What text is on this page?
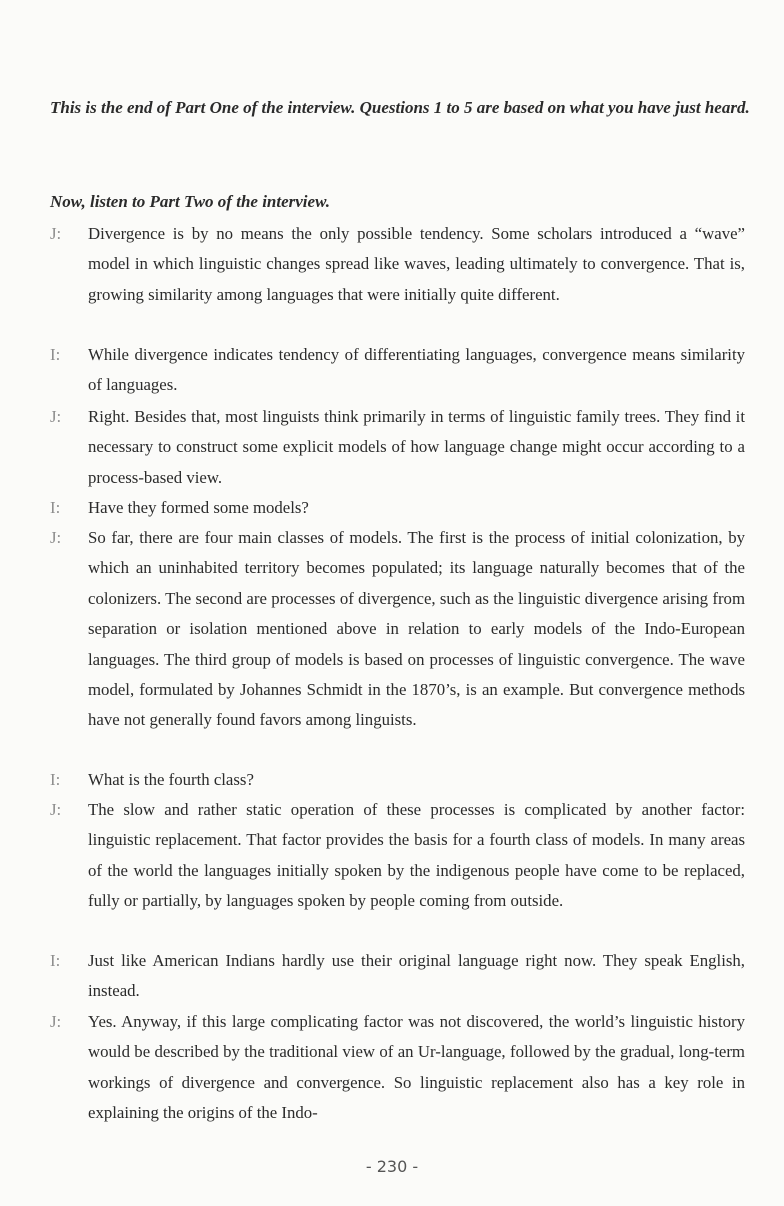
This is the end of Part One of the interview. Questions 1 to 5 are based on what you have just heard.
Now, listen to Part Two of the interview.
J:	Divergence is by no means the only possible tendency. Some scholars introduced a “wave” model in which linguistic changes spread like waves, leading ultimately to convergence. That is, growing similarity among languages that were initially quite different.
I:	While divergence indicates tendency of differentiating languages, convergence means similarity of languages.
J:	Right. Besides that, most linguists think primarily in terms of linguistic family trees. They find it necessary to construct some explicit models of how language change might occur according to a process-based view.
I:	Have they formed some models?
J:	So far, there are four main classes of models. The first is the process of initial colonization, by which an uninhabited territory becomes populated; its language naturally becomes that of the colonizers. The second are processes of divergence, such as the linguistic divergence arising from separation or isolation mentioned above in relation to early models of the Indo-European languages. The third group of models is based on processes of linguistic convergence. The wave model, formulated by Johannes Schmidt in the 1870’s, is an example. But convergence methods have not generally found favors among linguists.
I:	What is the fourth class?
J:	The slow and rather static operation of these processes is complicated by another factor: linguistic replacement. That factor provides the basis for a fourth class of models. In many areas of the world the languages initially spoken by the indigenous people have come to be replaced, fully or partially, by languages spoken by people coming from outside.
I:	Just like American Indians hardly use their original language right now. They speak English, instead.
J:	Yes. Anyway, if this large complicating factor was not discovered, the world’s linguistic history would be described by the traditional view of an Ur-language, followed by the gradual, long-term workings of divergence and convergence. So linguistic replacement also has a key role in explaining the origins of the Indo-
- 230 -
